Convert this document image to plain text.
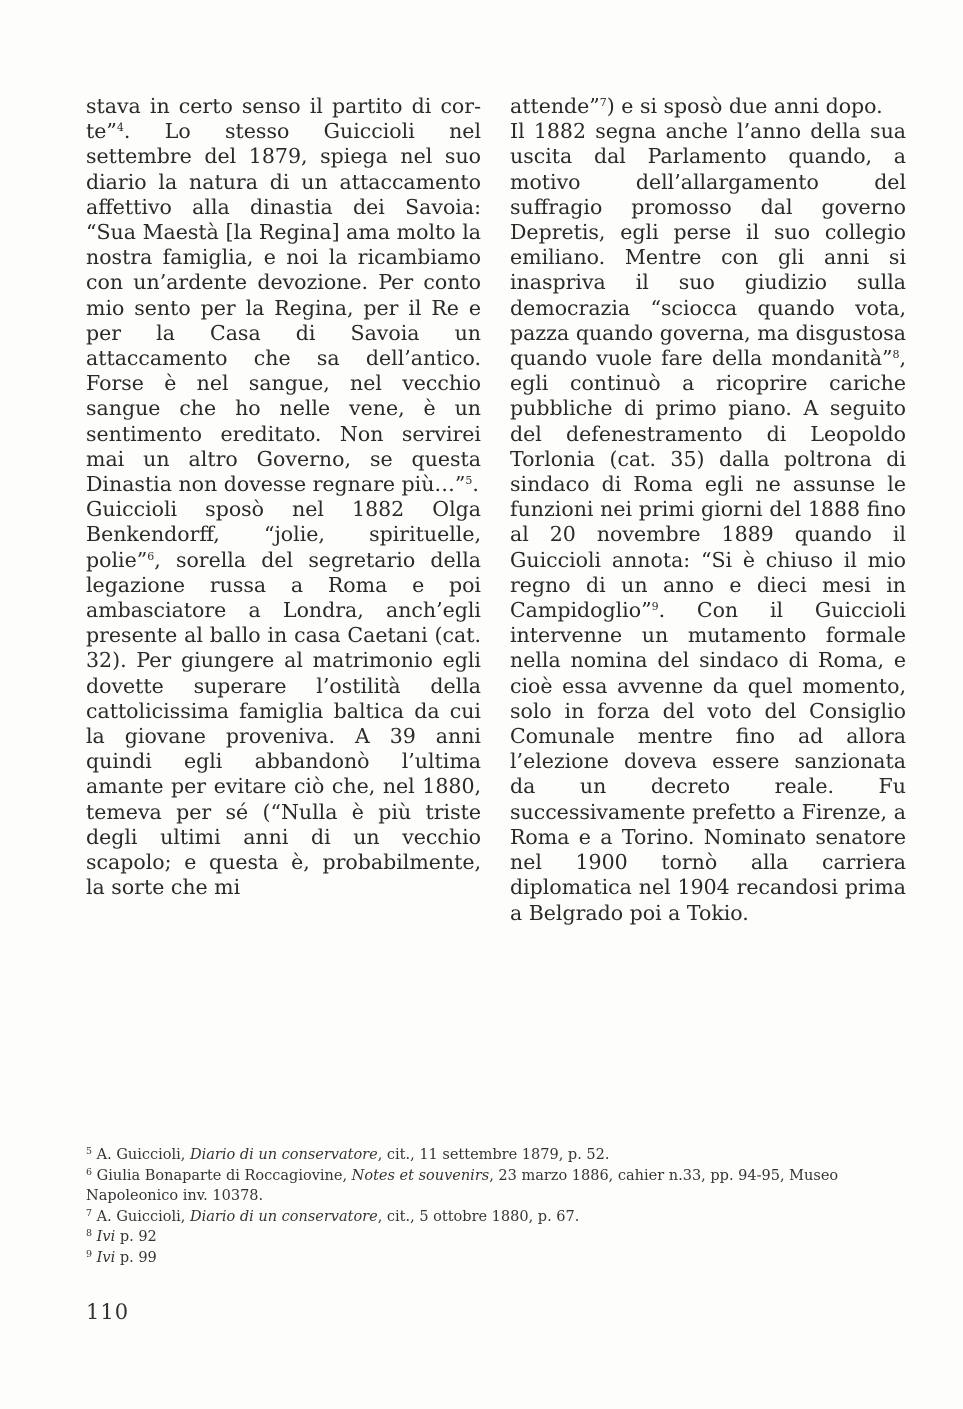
stava in certo senso il partito di cor-te”$^4$. Lo stesso Guiccioli nel settembre del 1879, spiega nel suo diario la natura di un attaccamento affettivo alla dinastia dei Savoia: “Sua Maestà [la Regina] ama molto la nostra famiglia, e noi la ricambiamo con un’ardente devozione. Per conto mio sento per la Regina, per il Re e per la Casa di Savoia un attaccamento che sa dell’antico. Forse è nel sangue, nel vecchio sangue che ho nelle vene, è un sentimento ereditato. Non servirei mai un altro Governo, se questa Dinastia non dovesse regnare più…”$^5$.

Guiccioli sposò nel 1882 Olga Benkendorff, “jolie, spirituelle, polie”$^6$, sorella del segretario della legazione russa a Roma e poi ambasciatore a Londra, anch’egli presente al ballo in casa Caetani (cat. 32). Per giungere al matrimonio egli dovette superare l’ostilità della cattolicissima famiglia baltica da cui la giovane proveniva. A 39 anni quindi egli abbandonò l’ultima amante per evitare ciò che, nel 1880, temeva per sé (“Nulla è più triste degli ultimi anni di un vecchio scapolo; e questa è, probabilmente, la sorte che mi

attende”$^7$) e si sposò due anni dopo.

Il 1882 segna anche l’anno della sua uscita dal Parlamento quando, a motivo dell’allargamento del suffragio promosso dal governo Depretis, egli perse il suo collegio emiliano. Mentre con gli anni si inaspriva il suo giudizio sulla democrazia “sciocca quando vota, pazza quando governa, ma disgustosa quando vuole fare della mondanità”$^8$, egli continuò a ricoprire cariche pubbliche di primo piano. A seguito del defenestramento di Leopoldo Torlonia (cat. 35) dalla poltrona di sindaco di Roma egli ne assunse le funzioni nei primi giorni del 1888 fino al 20 novembre 1889 quando il Guiccioli annota: “Si è chiuso il mio regno di un anno e dieci mesi in Campidoglio”$^9$. Con il Guiccioli intervenne un mutamento formale nella nomina del sindaco di Roma, e cioè essa avvenne da quel momento, solo in forza del voto del Consiglio Comunale mentre fino ad allora l’elezione doveva essere sanzionata da un decreto reale. Fu successivamente prefetto a Firenze, a Roma e a Torino. Nominato senatore nel 1900 tornò alla carriera diplomatica nel 1904 recandosi prima a Belgrado poi a Tokio.

$^5$ A. Guiccioli, Diario di un conservatore, cit., 11 settembre 1879, p. 52.

$^6$ Giulia Bonaparte di Roccagiovine, Notes et souvenirs, 23 marzo 1886, cahier n.33, pp. 94-95, Museo Napoleonico inv. 10378.

$^7$ A. Guiccioli, Diario di un conservatore, cit., 5 ottobre 1880, p. 67.

$^8$ Ivi p. 92

$^9$ Ivi p. 99

110
